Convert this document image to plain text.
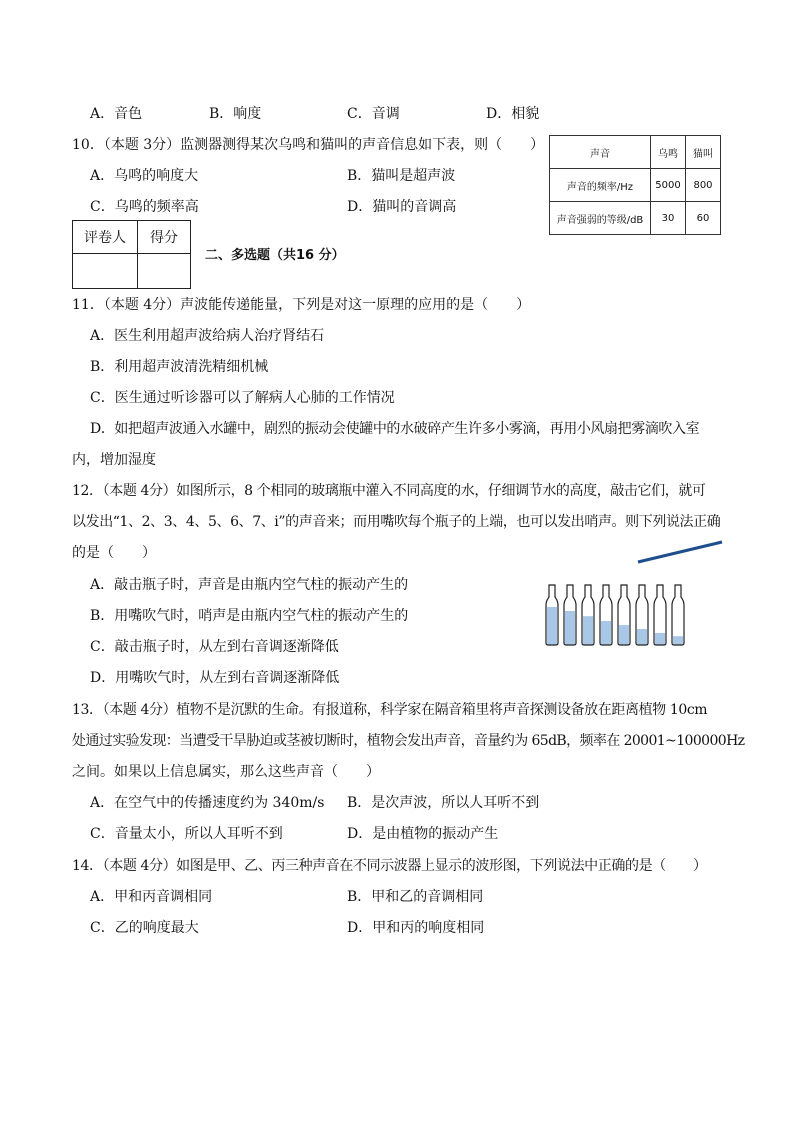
A．音色	B．响度	C．音调	D．相貌
10．（本题 3分）监测器测得某次乌鸣和猫叫的声音信息如下表，则（　　）
A．乌鸣的响度大	B．猫叫是超声波
C．乌鸣的频率高	D．猫叫的音调高
声音	乌鸣	猫叫
声音的频率/Hz	5000	800
声音强弱的等级/dB	30	60
评卷人	得分

二、多选题（共16 分）
11．（本题 4分）声波能传递能量，下列是对这一原理的应用的是（　　）
A．医生利用超声波给病人治疗肾结石
B．利用超声波清洗精细机械
C．医生通过听诊器可以了解病人心肺的工作情况
D．如把超声波通入水罐中，剧烈的振动会使罐中的水破碎产生许多小雾滴，再用小风扇把雾滴吹入室
内，增加湿度
12．（本题 4分）如图所示，8 个相同的玻璃瓶中灌入不同高度的水，仔细调节水的高度，敲击它们，就可
以发出“1、2、3、4、5、6、7、i”的声音来；而用嘴吹每个瓶子的上端，也可以发出哨声。则下列说法正确
的是（　　）
A．敲击瓶子时，声音是由瓶内空气柱的振动产生的
B．用嘴吹气时，哨声是由瓶内空气柱的振动产生的
C．敲击瓶子时，从左到右音调逐渐降低
D．用嘴吹气时，从左到右音调逐渐降低
13．（本题 4分）植物不是沉默的生命。有报道称，科学家在隔音箱里将声音探测设备放在距离植物 10cm
处通过实验发现：当遭受干旱胁迫或茎被切断时，植物会发出声音，音量约为 65dB，频率在 20001~100000Hz
之间。如果以上信息属实，那么这些声音（　　）
A．在空气中的传播速度约为 340m/s B．是次声波，所以人耳听不到
C．音量太小，所以人耳听不到	D．是由植物的振动产生
14．（本题 4分）如图是甲、乙、丙三种声音在不同示波器上显示的波形图，下列说法中正确的是（　　）
A．甲和丙音调相同	B．甲和乙的音调相同
C．乙的响度最大	D．甲和丙的响度相同
